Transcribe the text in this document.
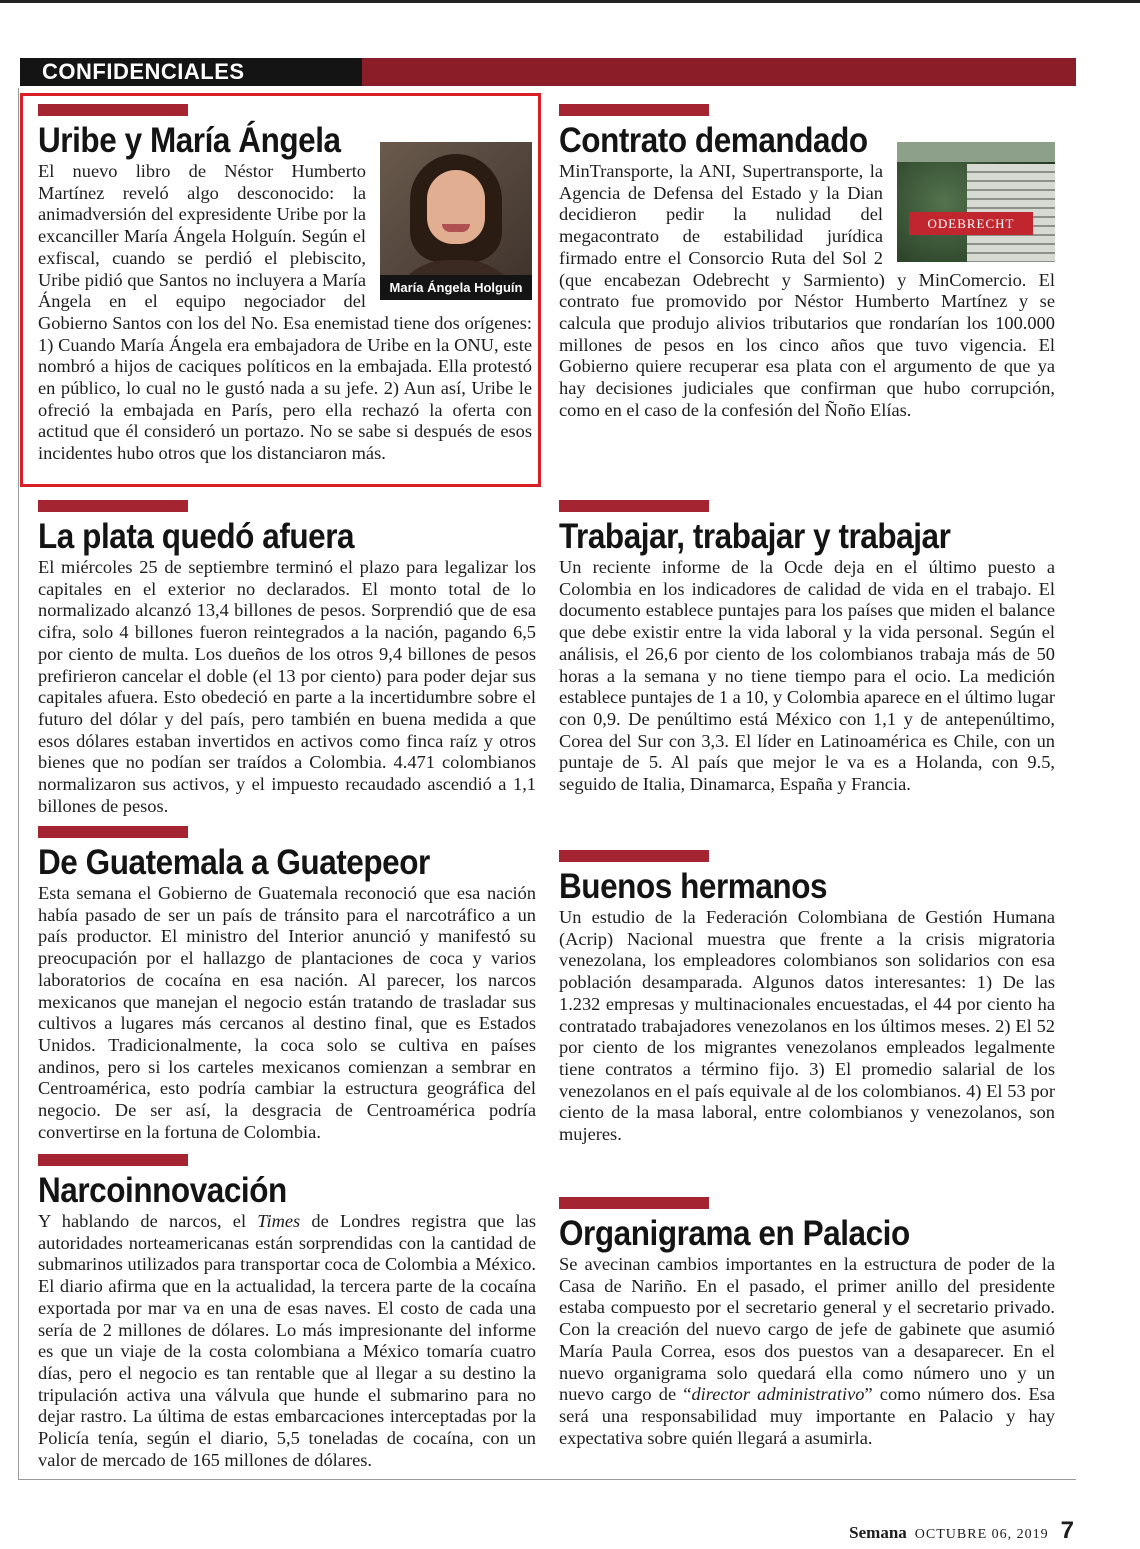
CONFIDENCIALES
María Ángela Holguín
Uribe y María Ángela

El nuevo libro de Néstor Humberto Martínez reveló algo desconocido: la animadversión del expresidente Uribe por la excanciller María Ángela Holguín. Según el exfiscal, cuando se perdió el plebiscito, Uribe pidió que Santos no incluyera a María Ángela en el equipo negociador del Gobierno Santos con los del No. Esa enemistad tiene dos orígenes: 1) Cuando María Ángela era embajadora de Uribe en la ONU, este nombró a hijos de caciques políticos en la embajada. Ella protestó en público, lo cual no le gustó nada a su jefe. 2) Aun así, Uribe le ofreció la embajada en París, pero ella rechazó la oferta con actitud que él consideró un portazo. No se sabe si después de esos incidentes hubo otros que los distanciaron más.

ODEBRECHT
Contrato demandado

MinTransporte, la ANI, Supertransporte, la Agencia de Defensa del Estado y la Dian decidieron pedir la nulidad del megacontrato de estabilidad jurídica firmado entre el Consorcio Ruta del Sol 2 (que encabezan Odebrecht y Sarmiento) y MinComercio. El contrato fue promovido por Néstor Humberto Martínez y se calcula que produjo alivios tributarios que rondarían los 100.000 millones de pesos en los cinco años que tuvo vigencia. El Gobierno quiere recuperar esa plata con el argumento de que ya hay decisiones judiciales que confirman que hubo corrupción, como en el caso de la confesión del Ñoño Elías.

La plata quedó afuera

El miércoles 25 de septiembre terminó el plazo para legalizar los capitales en el exterior no declarados. El monto total de lo normalizado alcanzó 13,4 billones de pesos. Sorprendió que de esa cifra, solo 4 billones fueron reintegrados a la nación, pagando 6,5 por ciento de multa. Los dueños de los otros 9,4 billones de pesos prefirieron cancelar el doble (el 13 por ciento) para poder dejar sus capitales afuera. Esto obedeció en parte a la incertidumbre sobre el futuro del dólar y del país, pero también en buena medida a que esos dólares estaban invertidos en activos como finca raíz y otros bienes que no podían ser traídos a Colombia. 4.471 colombianos normalizaron sus activos, y el impuesto recaudado ascendió a 1,1 billones de pesos.

Trabajar, trabajar y trabajar

Un reciente informe de la Ocde deja en el último puesto a Colombia en los indicadores de calidad de vida en el trabajo. El documento establece puntajes para los países que miden el balance que debe existir entre la vida laboral y la vida personal. Según el análisis, el 26,6 por ciento de los colombianos trabaja más de 50 horas a la semana y no tiene tiempo para el ocio. La medición establece puntajes de 1 a 10, y Colombia aparece en el último lugar con 0,9. De penúltimo está México con 1,1 y de antepenúltimo, Corea del Sur con 3,3. El líder en Latinoamérica es Chile, con un puntaje de 5. Al país que mejor le va es a Holanda, con 9.5, seguido de Italia, Dinamarca, España y Francia.

De Guatemala a Guatepeor

Esta semana el Gobierno de Guatemala reconoció que esa nación había pasado de ser un país de tránsito para el narcotráfico a un país productor. El ministro del Interior anunció y manifestó su preocupación por el hallazgo de plantaciones de coca y varios laboratorios de cocaína en esa nación. Al parecer, los narcos mexicanos que manejan el negocio están tratando de trasladar sus cultivos a lugares más cercanos al destino final, que es Estados Unidos. Tradicionalmente, la coca solo se cultiva en países andinos, pero si los carteles mexicanos comienzan a sembrar en Centroamérica, esto podría cambiar la estructura geográfica del negocio. De ser así, la desgracia de Centroamérica podría convertirse en la fortuna de Colombia.

Buenos hermanos

Un estudio de la Federación Colombiana de Gestión Humana (Acrip) Nacional muestra que frente a la crisis migratoria venezolana, los empleadores colombianos son solidarios con esa población desamparada. Algunos datos interesantes: 1) De las 1.232 empresas y multinacionales encuestadas, el 44 por ciento ha contratado trabajadores venezolanos en los últimos meses. 2) El 52 por ciento de los migrantes venezolanos empleados legalmente tiene contratos a término fijo. 3) El promedio salarial de los venezolanos en el país equivale al de los colombianos. 4) El 53 por ciento de la masa laboral, entre colombianos y venezolanos, son mujeres.

Narcoinnovación

Y hablando de narcos, el Times de Londres registra que las autoridades norteamericanas están sorprendidas con la cantidad de submarinos utilizados para transportar coca de Colombia a México. El diario afirma que en la actualidad, la tercera parte de la cocaína exportada por mar va en una de esas naves. El costo de cada una sería de 2 millones de dólares. Lo más impresionante del informe es que un viaje de la costa colombiana a México tomaría cuatro días, pero el negocio es tan rentable que al llegar a su destino la tripulación activa una válvula que hunde el submarino para no dejar rastro. La última de estas embarcaciones interceptadas por la Policía tenía, según el diario, 5,5 toneladas de cocaína, con un valor de mercado de 165 millones de dólares.

Organigrama en Palacio

Se avecinan cambios importantes en la estructura de poder de la Casa de Nariño. En el pasado, el primer anillo del presidente estaba compuesto por el secretario general y el secretario privado. Con la creación del nuevo cargo de jefe de gabinete que asumió María Paula Correa, esos dos puestos van a desaparecer. En el nuevo organigrama solo quedará ella como número uno y un nuevo cargo de “director administrativo” como número dos. Esa será una responsabilidad muy importante en Palacio y hay expectativa sobre quién llegará a asumirla.

Semana OCTUBRE 06, 2019 7
